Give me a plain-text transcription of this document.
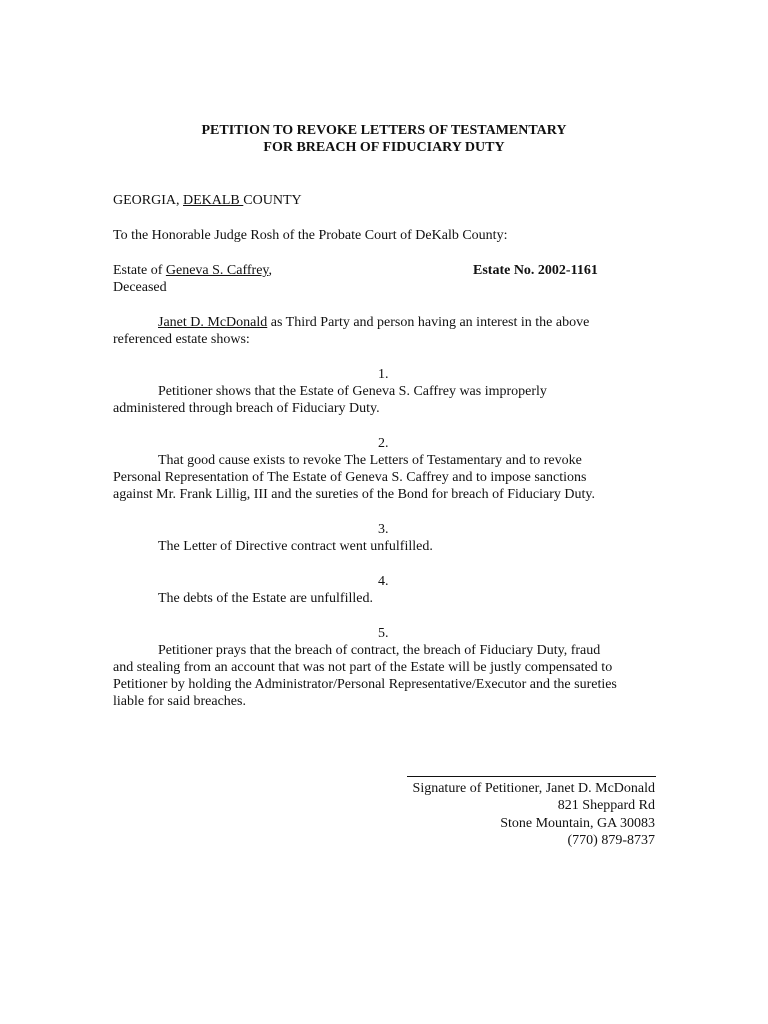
PETITION TO REVOKE LETTERS OF TESTAMENTARY
FOR BREACH OF FIDUCIARY DUTY
GEORGIA, DEKALB COUNTY
To the Honorable Judge Rosh of the Probate Court of DeKalb County:
Estate of Geneva S. Caffrey,	Estate No. 2002-1161
Deceased
Janet D. McDonald as Third Party and person having an interest in the above
referenced estate shows:
1.
Petitioner shows that the Estate of Geneva S. Caffrey was improperly
administered through breach of Fiduciary Duty.
2.
That good cause exists to revoke The Letters of Testamentary and to revoke
Personal Representation of The Estate of Geneva S. Caffrey and to impose sanctions
against Mr. Frank Lillig, III and the sureties of the Bond for breach of Fiduciary Duty.
3.
The Letter of Directive contract went unfulfilled.
4.
The debts of the Estate are unfulfilled.
5.
Petitioner prays that the breach of contract, the breach of Fiduciary Duty, fraud
and stealing from an account that was not part of the Estate will be justly compensated to
Petitioner by holding the Administrator/Personal Representative/Executor and the sureties
liable for said breaches.
Signature of Petitioner, Janet D. McDonald
821 Sheppard Rd
Stone Mountain, GA 30083
(770) 879-8737
